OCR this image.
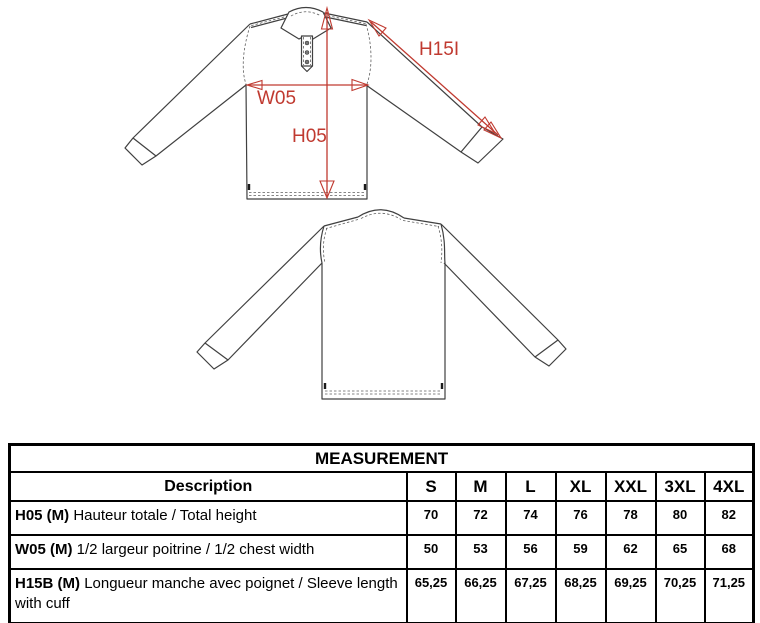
W05
H05
H15I
MEASUREMENT							
Description	S	M	L	XL	XXL	3XL	4XL
H05 (M) Hauteur totale / Total height	70	72	74	76	78	80	82
W05 (M) 1/2 largeur poitrine / 1/2 chest width	50	53	56	59	62	65	68
H15B (M) Longueur manche avec poignet / Sleeve length with cuff	65,25	66,25	67,25	68,25	69,25	70,25	71,25
